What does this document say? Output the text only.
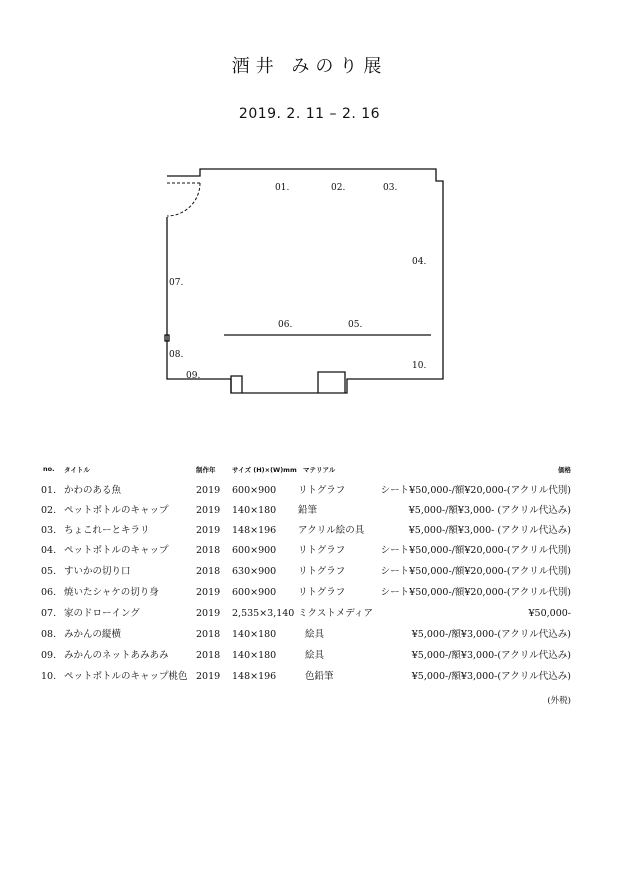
酒井 みのり展
2019. 2. 11 – 2. 16
01.	02.	03.
04.
05.
06.
07.
08.
09.
10.
no. タイトル	制作年	サイズ (H)×(W)mm マテリアル	価格
01. かわのある魚	2019 600×900 リトグラフ	シート¥50,000-/額¥20,000-(アクリル代別)
02. ペットボトルのキャップ	2019 140×180 鉛筆	¥5,000-/額¥3,000- (アクリル代込み)
03. ちょこれーとキラリ	2019 148×196 アクリル絵の具	¥5,000-/額¥3,000- (アクリル代込み)
04. ペットボトルのキャップ	2018 600×900 リトグラフ	シート¥50,000-/額¥20,000-(アクリル代別)
05. すいかの切り口	2018 630×900 リトグラフ	シート¥50,000-/額¥20,000-(アクリル代別)
06. 焼いたシャケの切り身	2019 600×900 リトグラフ	シート¥50,000-/額¥20,000-(アクリル代別)
07. 家のドローイング	2019 2,535×3,140 ミクストメディア	¥50,000-
08. みかんの縦横	2018 140×180	絵具	¥5,000-/額¥3,000-(アクリル代込み)
09. みかんのネットあみあみ	2018 140×180	絵具	¥5,000-/額¥3,000-(アクリル代込み)
10. ペットボトルのキャップ桃色 2019 148×196	色鉛筆	¥5,000-/額¥3,000-(アクリル代込み)
(外税)
